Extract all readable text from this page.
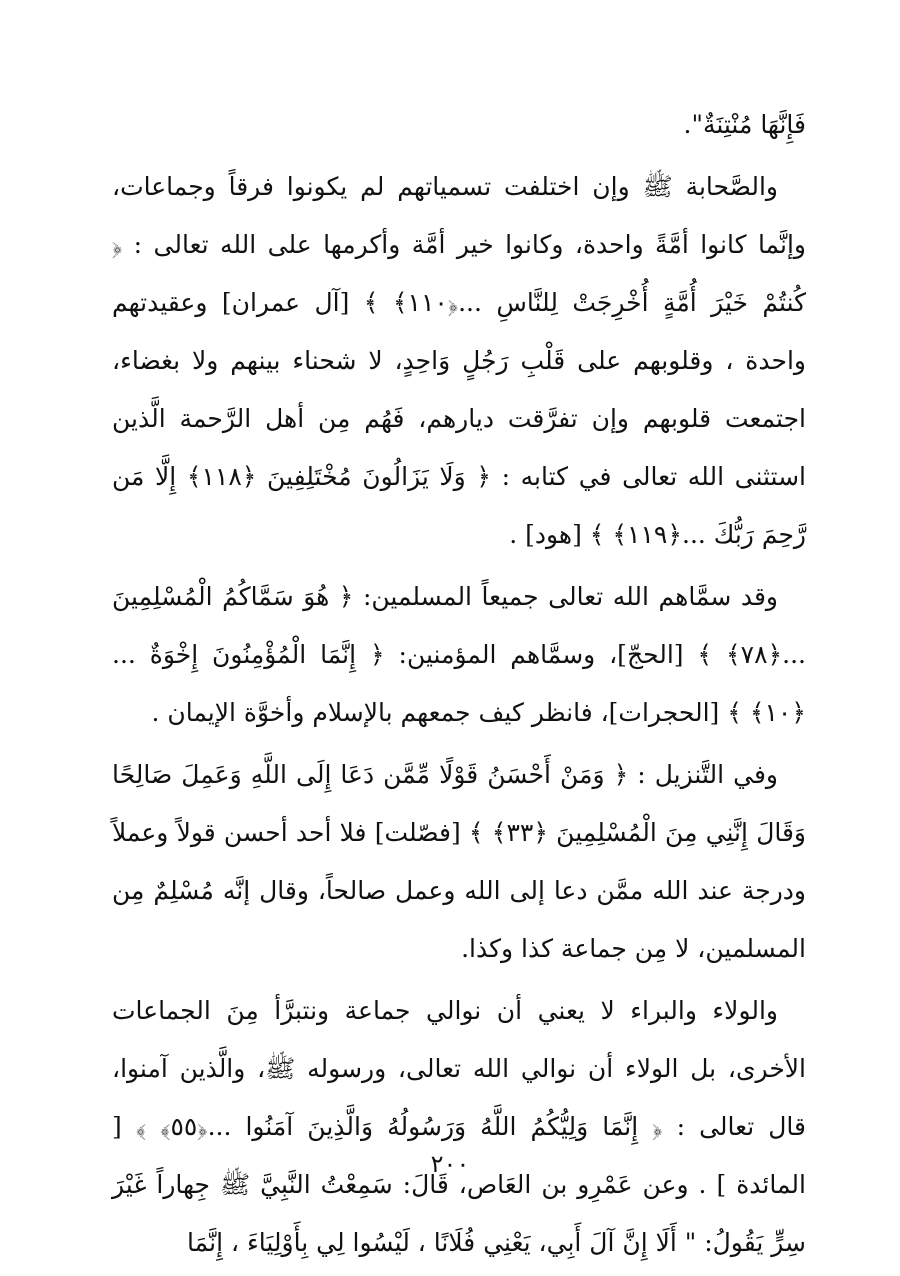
فَإِنَّهَا مُنْتِنَةٌ".

والصَّحابة ﷺ وإن اختلفت تسمياتهم لم يكونوا فرقاً وجماعات، وإنَّما كانوا أمَّةً واحدة، وكانوا خير أمَّة وأكرمها على الله تعالى : ﴿ كُنتُمْ خَيْرَ أُمَّةٍ أُخْرِجَتْ لِلنَّاسِ ...﴿١١٠﴾ ﴾ [آل عمران] وعقيدتهم واحدة ، وقلوبهم على قَلْبِ رَجُلٍ وَاحِدٍ، لا شحناء بينهم ولا بغضاء، اجتمعت قلوبهم وإن تفرَّقت ديارهم، فَهُم مِن أهل الرَّحمة الَّذين استثنى الله تعالى في كتابه : ﴿ وَلَا يَزَالُونَ مُخْتَلِفِينَ ﴿١١٨﴾ إِلَّا مَن رَّحِمَ رَبُّكَ ...﴿١١٩﴾ ﴾ [هود] .

وقد سمَّاهم الله تعالى جميعاً المسلمين: ﴿ هُوَ سَمَّاكُمُ الْمُسْلِمِينَ ...﴿٧٨﴾ ﴾ [الحجّ]، وسمَّاهم المؤمنين: ﴿ إِنَّمَا الْمُؤْمِنُونَ إِخْوَةٌ ...﴿١٠﴾ ﴾ [الحجرات]، فانظر كيف جمعهم بالإسلام وأخوَّة الإيمان .

وفي التَّنزيل : ﴿ وَمَنْ أَحْسَنُ قَوْلًا مِّمَّن دَعَا إِلَى اللَّهِ وَعَمِلَ صَالِحًا وَقَالَ إِنَّنِي مِنَ الْمُسْلِمِينَ ﴿٣٣﴾ ﴾ [فصّلت] فلا أحد أحسن قولاً وعملاً ودرجة عند الله ممَّن دعا إلى الله وعمل صالحاً، وقال إنَّه مُسْلِمٌ مِن المسلمين، لا مِن جماعة كذا وكذا.

والولاء والبراء لا يعني أن نوالي جماعة ونتبرَّأ مِنَ الجماعات الأخرى، بل الولاء أن نوالي الله تعالى، ورسوله ﷺ، والَّذين آمنوا، قال تعالى : ﴿ إِنَّمَا وَلِيُّكُمُ اللَّهُ وَرَسُولُهُ وَالَّذِينَ آمَنُوا ...﴿٥٥﴾ ﴾ [ المائدة ] . وعن عَمْرِو بن العَاص، قَالَ: سَمِعْتُ النَّبِيَّ ﷺ جِهاراً غَيْرَ سِرٍّ يَقُولُ: " أَلَا إِنَّ آلَ أَبِي، يَعْنِي فُلَانًا ، لَيْسُوا لِي بِأَوْلِيَاءَ ، إِنَّمَا

٢٠٠
